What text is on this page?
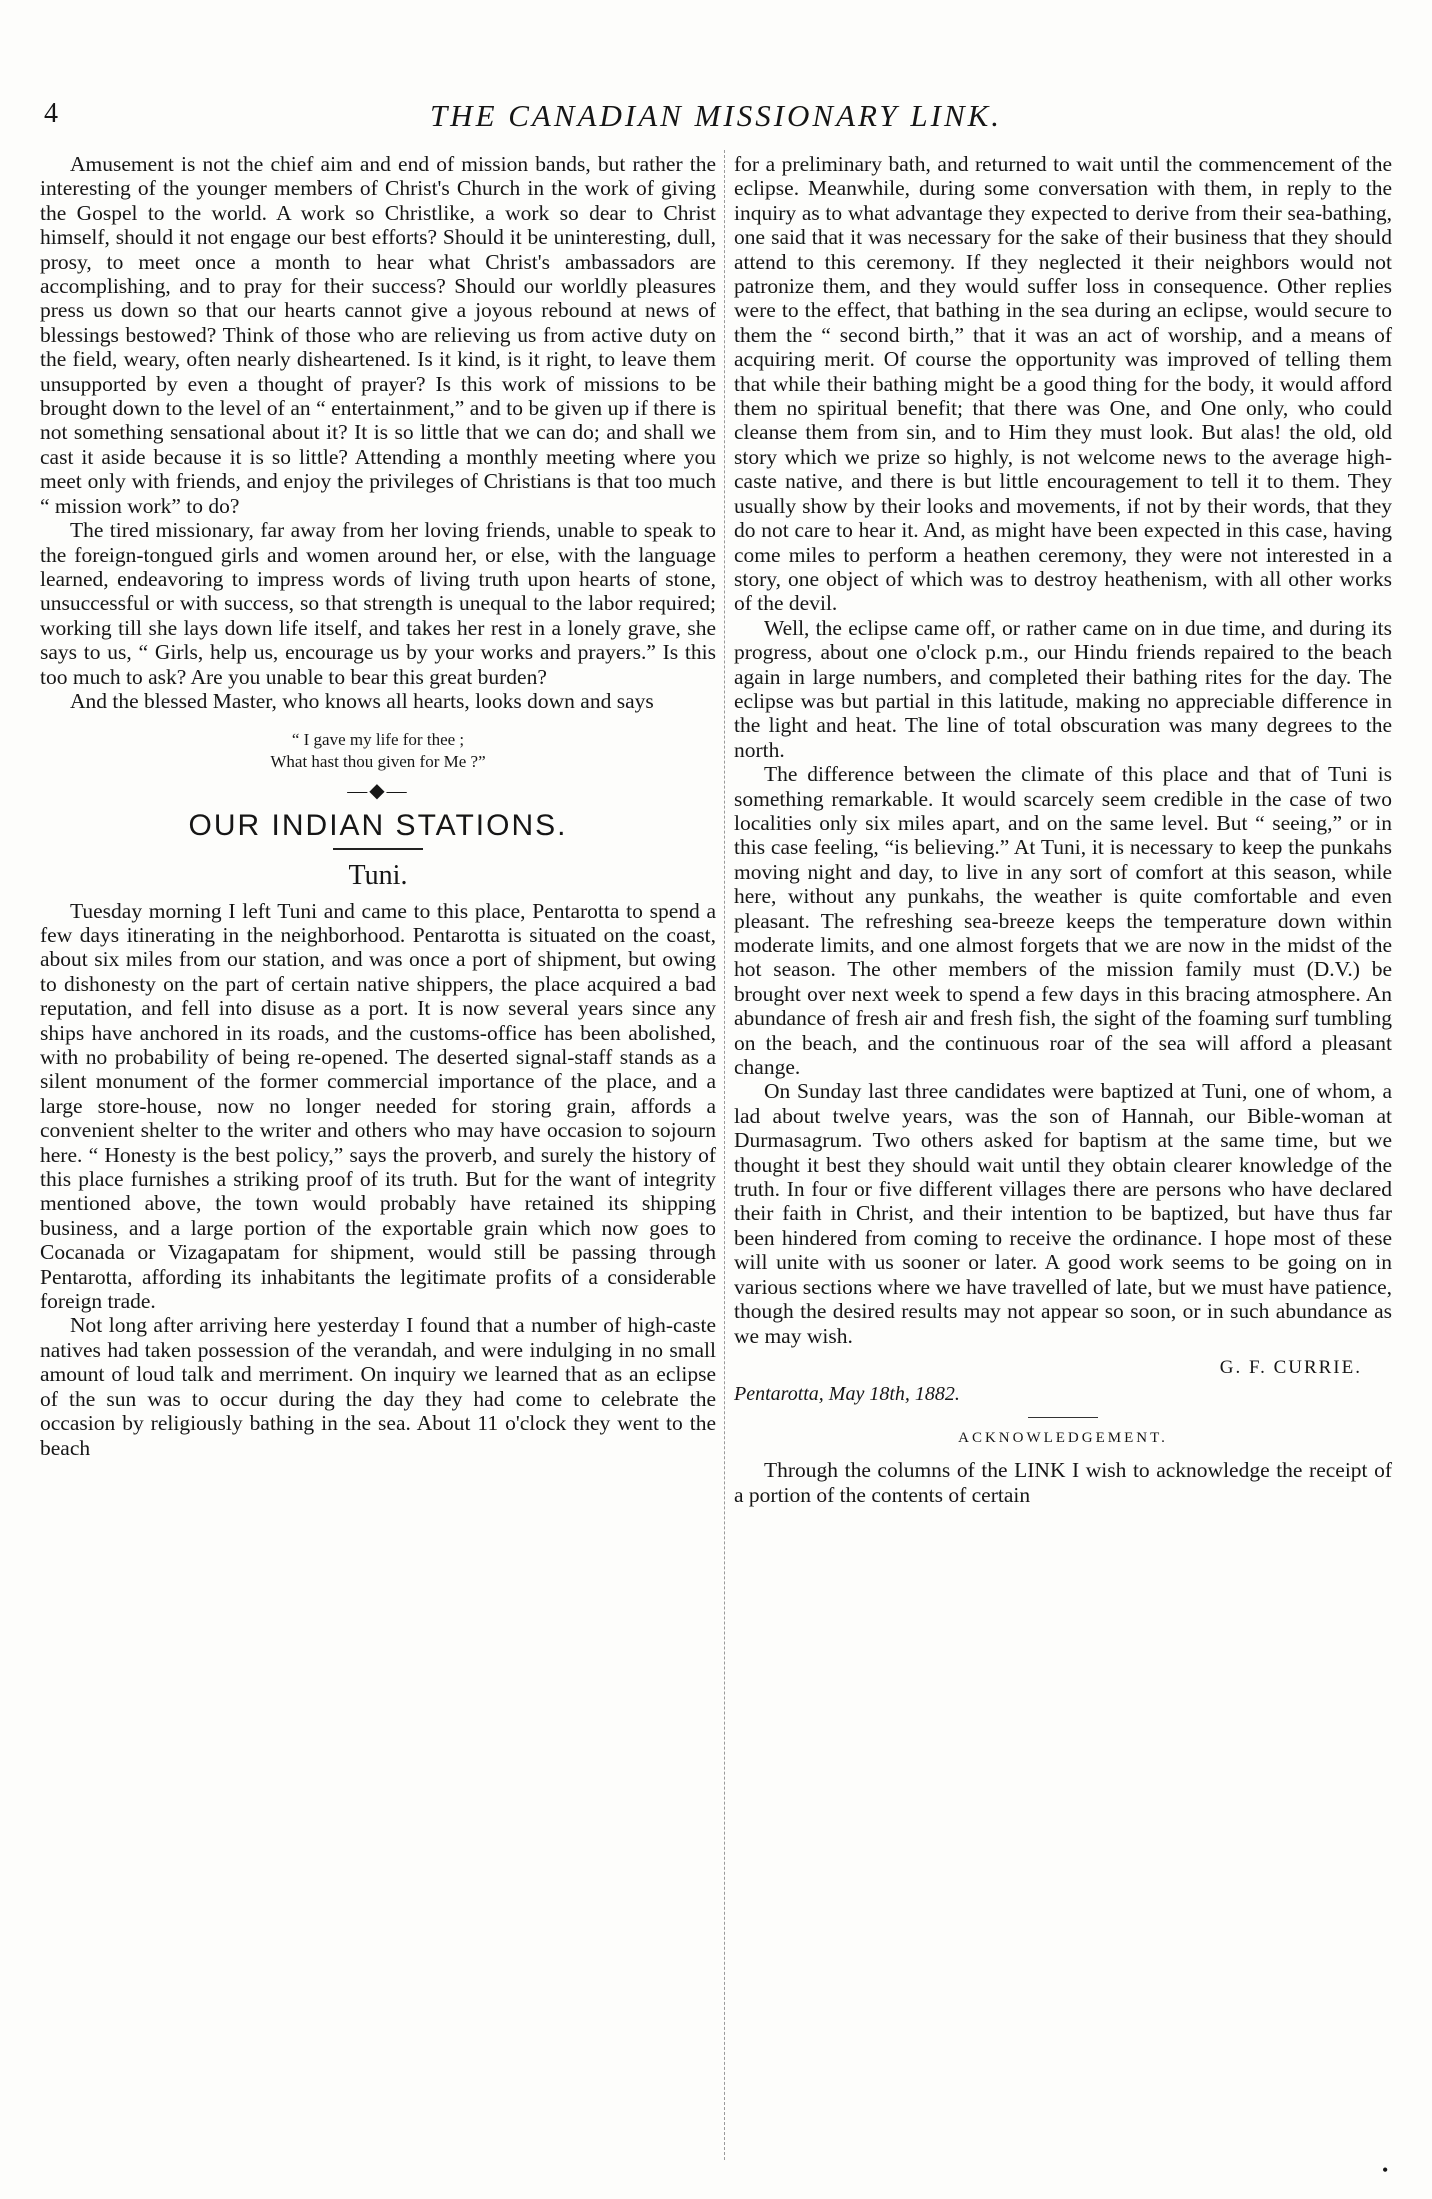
4	THE CANADIAN MISSIONARY LINK.

Amusement is not the chief aim and end of mission bands, but rather the interesting of the younger members of Christ's Church in the work of giving the Gospel to the world. A work so Christlike, a work so dear to Christ himself, should it not engage our best efforts? Should it be uninteresting, dull, prosy, to meet once a month to hear what Christ's ambassadors are accomplishing, and to pray for their success? Should our worldly pleasures press us down so that our hearts cannot give a joyous rebound at news of blessings bestowed? Think of those who are relieving us from active duty on the field, weary, often nearly disheartened. Is it kind, is it right, to leave them unsupported by even a thought of prayer? Is this work of missions to be brought down to the level of an “ entertainment,” and to be given up if there is not something sensational about it? It is so little that we can do; and shall we cast it aside because it is so little? Attending a monthly meeting where you meet only with friends, and enjoy the privileges of Christians is that too much “ mission work” to do?

The tired missionary, far away from her loving friends, unable to speak to the foreign-tongued girls and women around her, or else, with the language learned, endeavoring to impress words of living truth upon hearts of stone, unsuccessful or with success, so that strength is unequal to the labor required; working till she lays down life itself, and takes her rest in a lonely grave, she says to us, “ Girls, help us, encourage us by your works and prayers.” Is this too much to ask? Are you unable to bear this great burden?

And the blessed Master, who knows all hearts, looks down and says

“ I gave my life for thee ;
What hast thou given for Me ?”
—◆—
OUR INDIAN STATIONS.
Tuni.

Tuesday morning I left Tuni and came to this place, Pentarotta to spend a few days itinerating in the neighborhood. Pentarotta is situated on the coast, about six miles from our station, and was once a port of shipment, but owing to dishonesty on the part of certain native shippers, the place acquired a bad reputation, and fell into disuse as a port. It is now several years since any ships have anchored in its roads, and the customs-office has been abolished, with no probability of being re-opened. The deserted signal-staff stands as a silent monument of the former commercial importance of the place, and a large store-house, now no longer needed for storing grain, affords a convenient shelter to the writer and others who may have occasion to sojourn here. “ Honesty is the best policy,” says the proverb, and surely the history of this place furnishes a striking proof of its truth. But for the want of integrity mentioned above, the town would probably have retained its shipping business, and a large portion of the exportable grain which now goes to Cocanada or Vizagapatam for shipment, would still be passing through Pentarotta, affording its inhabitants the legitimate profits of a considerable foreign trade.

Not long after arriving here yesterday I found that a number of high-caste natives had taken possession of the verandah, and were indulging in no small amount of loud talk and merriment. On inquiry we learned that as an eclipse of the sun was to occur during the day they had come to celebrate the occasion by religiously bathing in the sea. About 11 o'clock they went to the beach

for a preliminary bath, and returned to wait until the commencement of the eclipse. Meanwhile, during some conversation with them, in reply to the inquiry as to what advantage they expected to derive from their sea-bathing, one said that it was necessary for the sake of their business that they should attend to this ceremony. If they neglected it their neighbors would not patronize them, and they would suffer loss in consequence. Other replies were to the effect, that bathing in the sea during an eclipse, would secure to them the “ second birth,” that it was an act of worship, and a means of acquiring merit. Of course the opportunity was improved of telling them that while their bathing might be a good thing for the body, it would afford them no spiritual benefit; that there was One, and One only, who could cleanse them from sin, and to Him they must look. But alas! the old, old story which we prize so highly, is not welcome news to the average high-caste native, and there is but little encouragement to tell it to them. They usually show by their looks and movements, if not by their words, that they do not care to hear it. And, as might have been expected in this case, having come miles to perform a heathen ceremony, they were not interested in a story, one object of which was to destroy heathenism, with all other works of the devil.

Well, the eclipse came off, or rather came on in due time, and during its progress, about one o'clock p.m., our Hindu friends repaired to the beach again in large numbers, and completed their bathing rites for the day. The eclipse was but partial in this latitude, making no appreciable difference in the light and heat. The line of total obscuration was many degrees to the north.

The difference between the climate of this place and that of Tuni is something remarkable. It would scarcely seem credible in the case of two localities only six miles apart, and on the same level. But “ seeing,” or in this case feeling, “is believing.” At Tuni, it is necessary to keep the punkahs moving night and day, to live in any sort of comfort at this season, while here, without any punkahs, the weather is quite comfortable and even pleasant. The refreshing sea-breeze keeps the temperature down within moderate limits, and one almost forgets that we are now in the midst of the hot season. The other members of the mission family must (D.V.) be brought over next week to spend a few days in this bracing atmosphere. An abundance of fresh air and fresh fish, the sight of the foaming surf tumbling on the beach, and the continuous roar of the sea will afford a pleasant change.

On Sunday last three candidates were baptized at Tuni, one of whom, a lad about twelve years, was the son of Hannah, our Bible-woman at Durmasagrum. Two others asked for baptism at the same time, but we thought it best they should wait until they obtain clearer knowledge of the truth. In four or five different villages there are persons who have declared their faith in Christ, and their intention to be baptized, but have thus far been hindered from coming to receive the ordinance. I hope most of these will unite with us sooner or later. A good work seems to be going on in various sections where we have travelled of late, but we must have patience, though the desired results may not appear so soon, or in such abundance as we may wish.

G. F. CURRIE.

Pentarotta, May 18th, 1882.

ACKNOWLEDGEMENT.

Through the columns of the LINK I wish to acknowledge the receipt of a portion of the contents of certain

•
